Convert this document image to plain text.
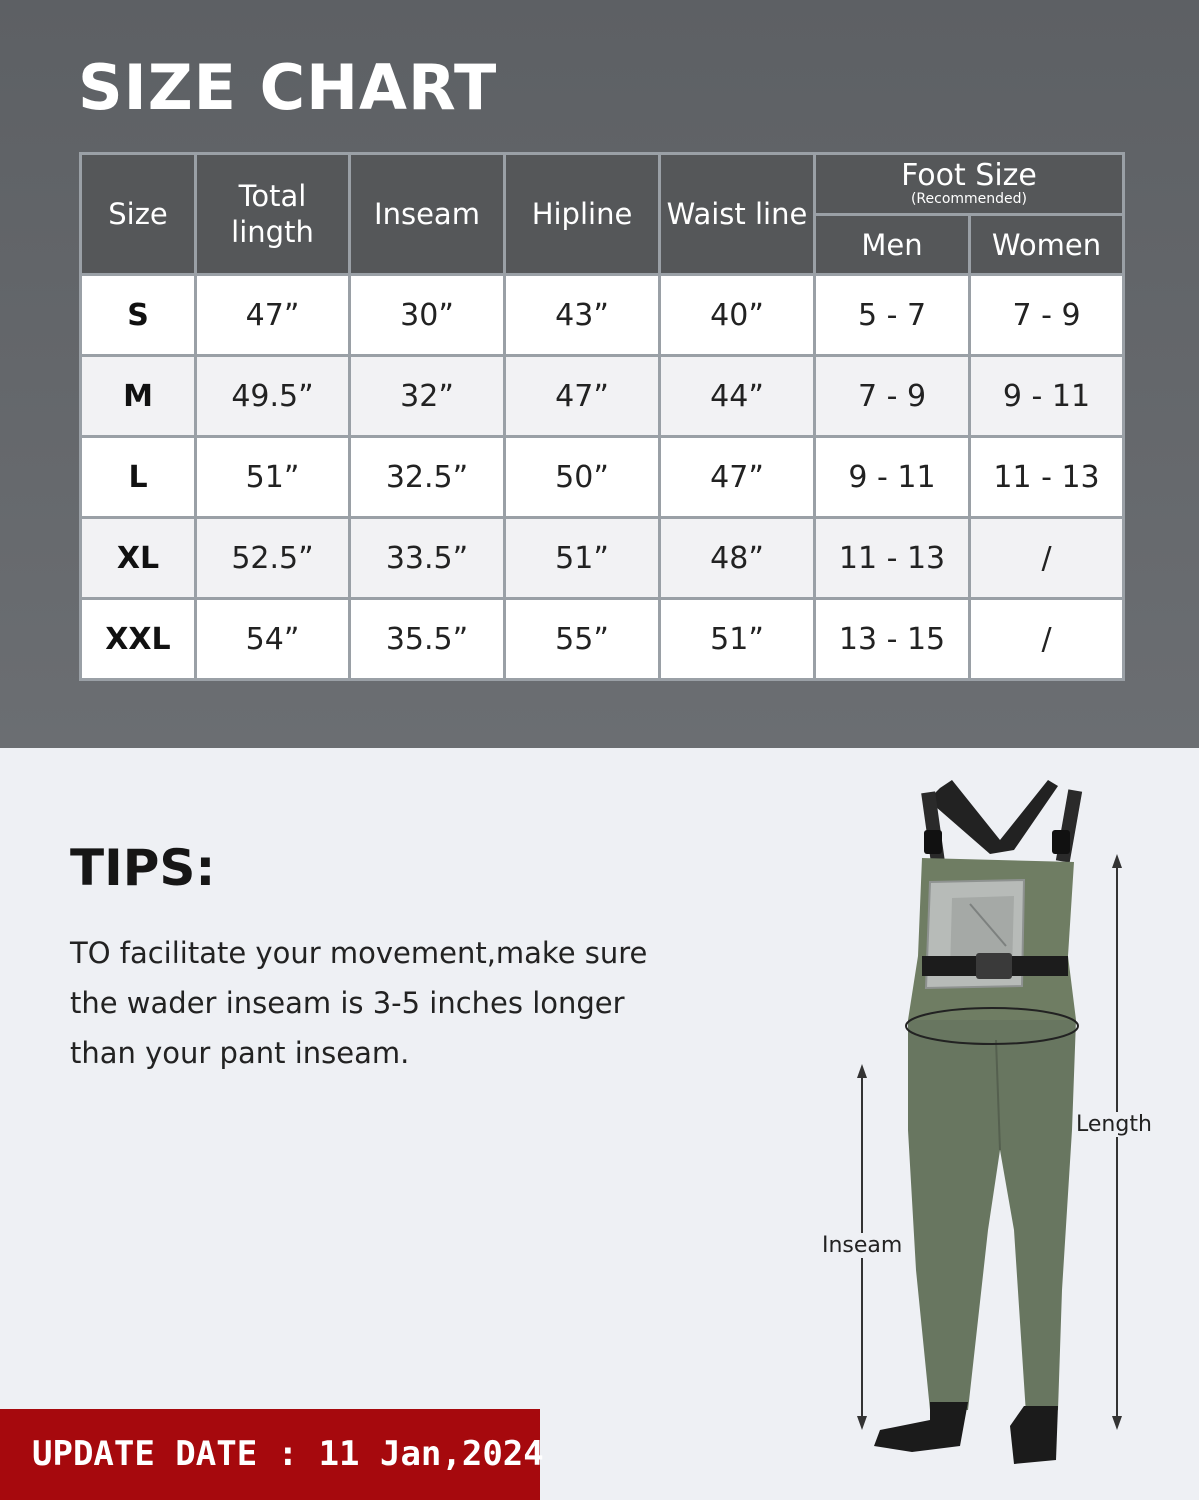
SIZE CHART
Size	Total lingth	Inseam	Hipline	Waist line	Foot Size
(Recommended)	

					Men	Women
S	47”	30”	43”	40”	5 - 7	7 - 9
M	49.5”	32”	47”	44”	7 - 9	9 - 11
L	51”	32.5”	50”	47”	9 - 11	11 - 13
XL	52.5”	33.5”	51”	48”	11 - 13	/
XXL	54”	35.5”	55”	51”	13 - 15	/
TIPS:
TO facilitate your movement,make sure the wader inseam is 3-5 inches longer than your pant inseam.
Length
Inseam
UPDATE DATE : 11 Jan,2024
